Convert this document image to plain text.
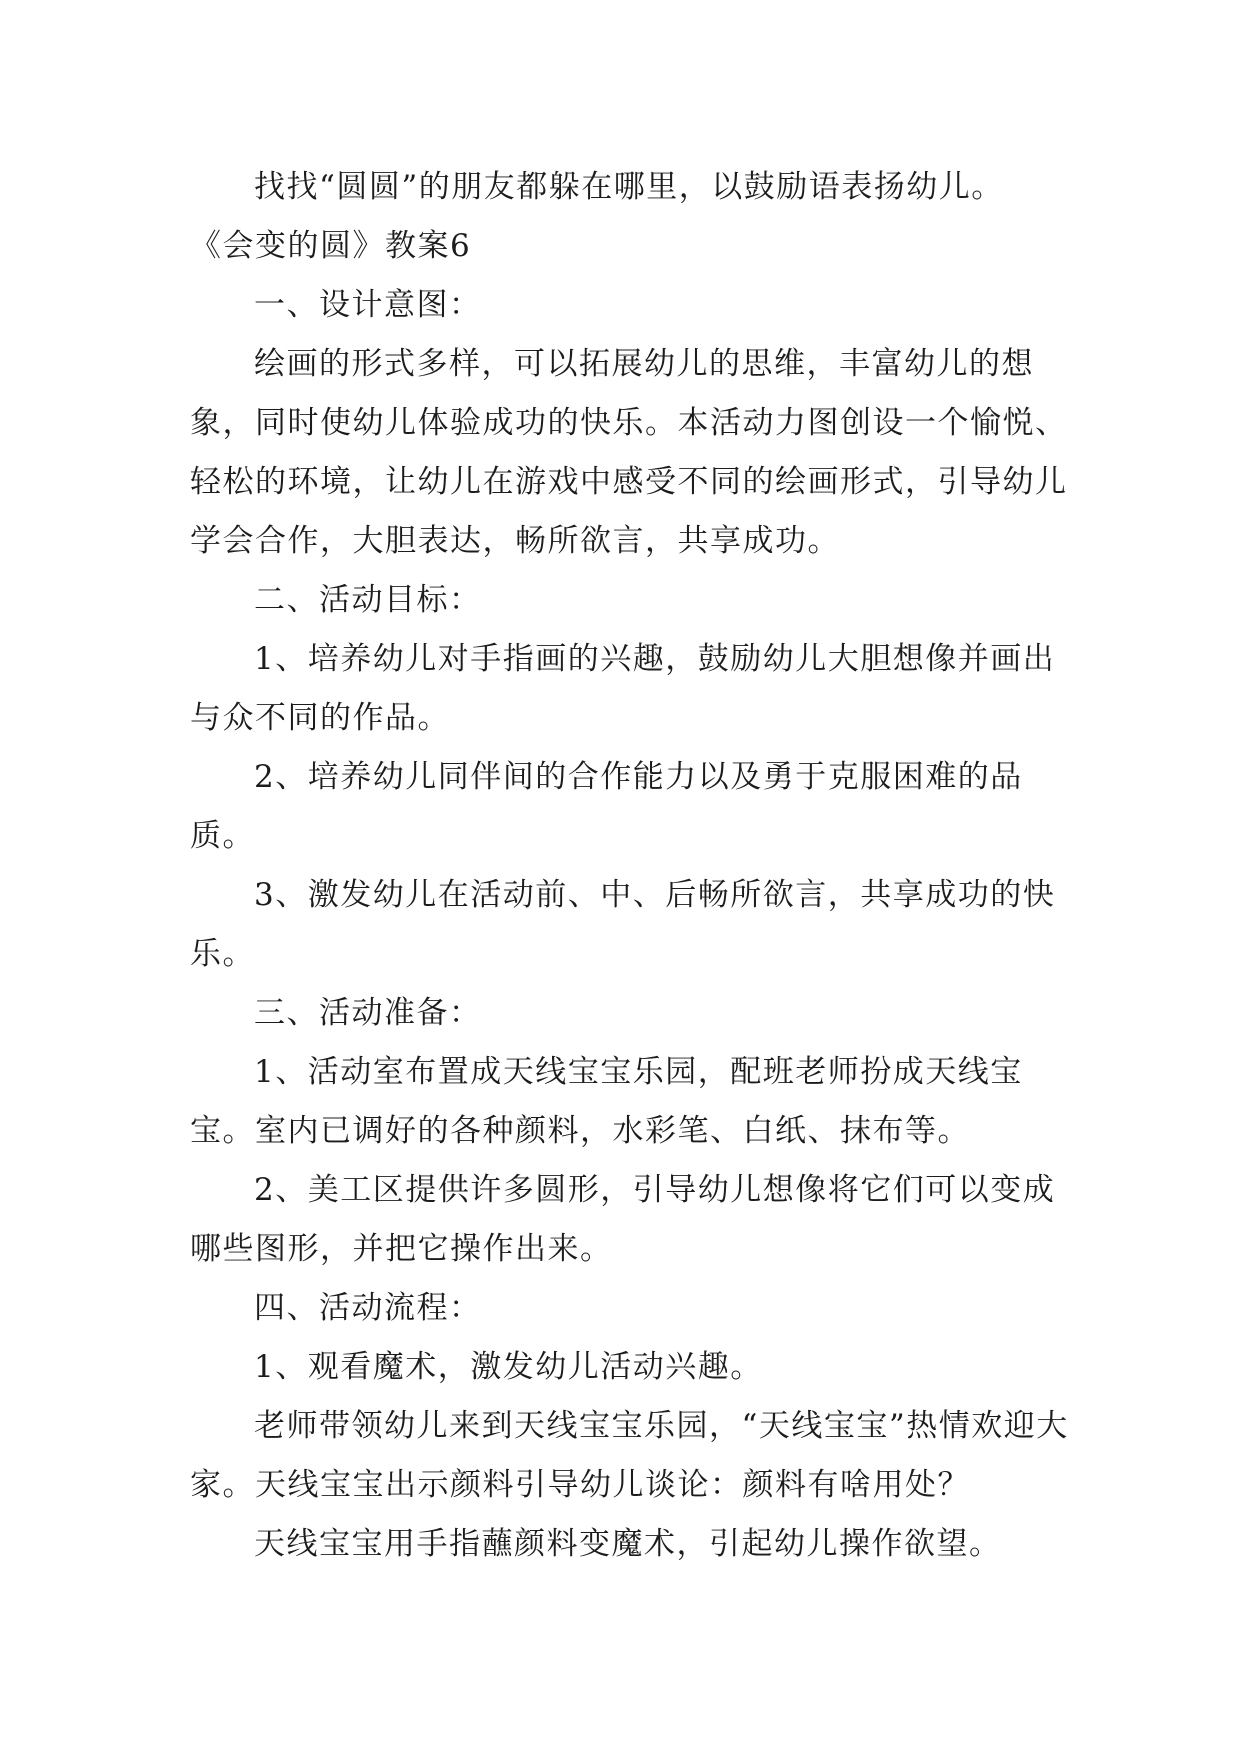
找找“圆圆”的朋友都躲在哪里，以鼓励语表扬幼儿。

《会变的圆》教案6

一、设计意图：

绘画的形式多样，可以拓展幼儿的思维，丰富幼儿的想象，同时使幼儿体验成功的快乐。本活动力图创设一个愉悦、轻松的环境，让幼儿在游戏中感受不同的绘画形式，引导幼儿学会合作，大胆表达，畅所欲言，共享成功。

二、活动目标：

1、培养幼儿对手指画的兴趣，鼓励幼儿大胆想像并画出与众不同的作品。

2、培养幼儿同伴间的合作能力以及勇于克服困难的品质。

3、激发幼儿在活动前、中、后畅所欲言，共享成功的快乐。

三、活动准备：

1、活动室布置成天线宝宝乐园，配班老师扮成天线宝宝。室内已调好的各种颜料，水彩笔、白纸、抹布等。

2、美工区提供许多圆形，引导幼儿想像将它们可以变成哪些图形，并把它操作出来。

四、活动流程：

1、观看魔术，激发幼儿活动兴趣。

老师带领幼儿来到天线宝宝乐园，“天线宝宝”热情欢迎大家。天线宝宝出示颜料引导幼儿谈论：颜料有啥用处？

天线宝宝用手指蘸颜料变魔术，引起幼儿操作欲望。
